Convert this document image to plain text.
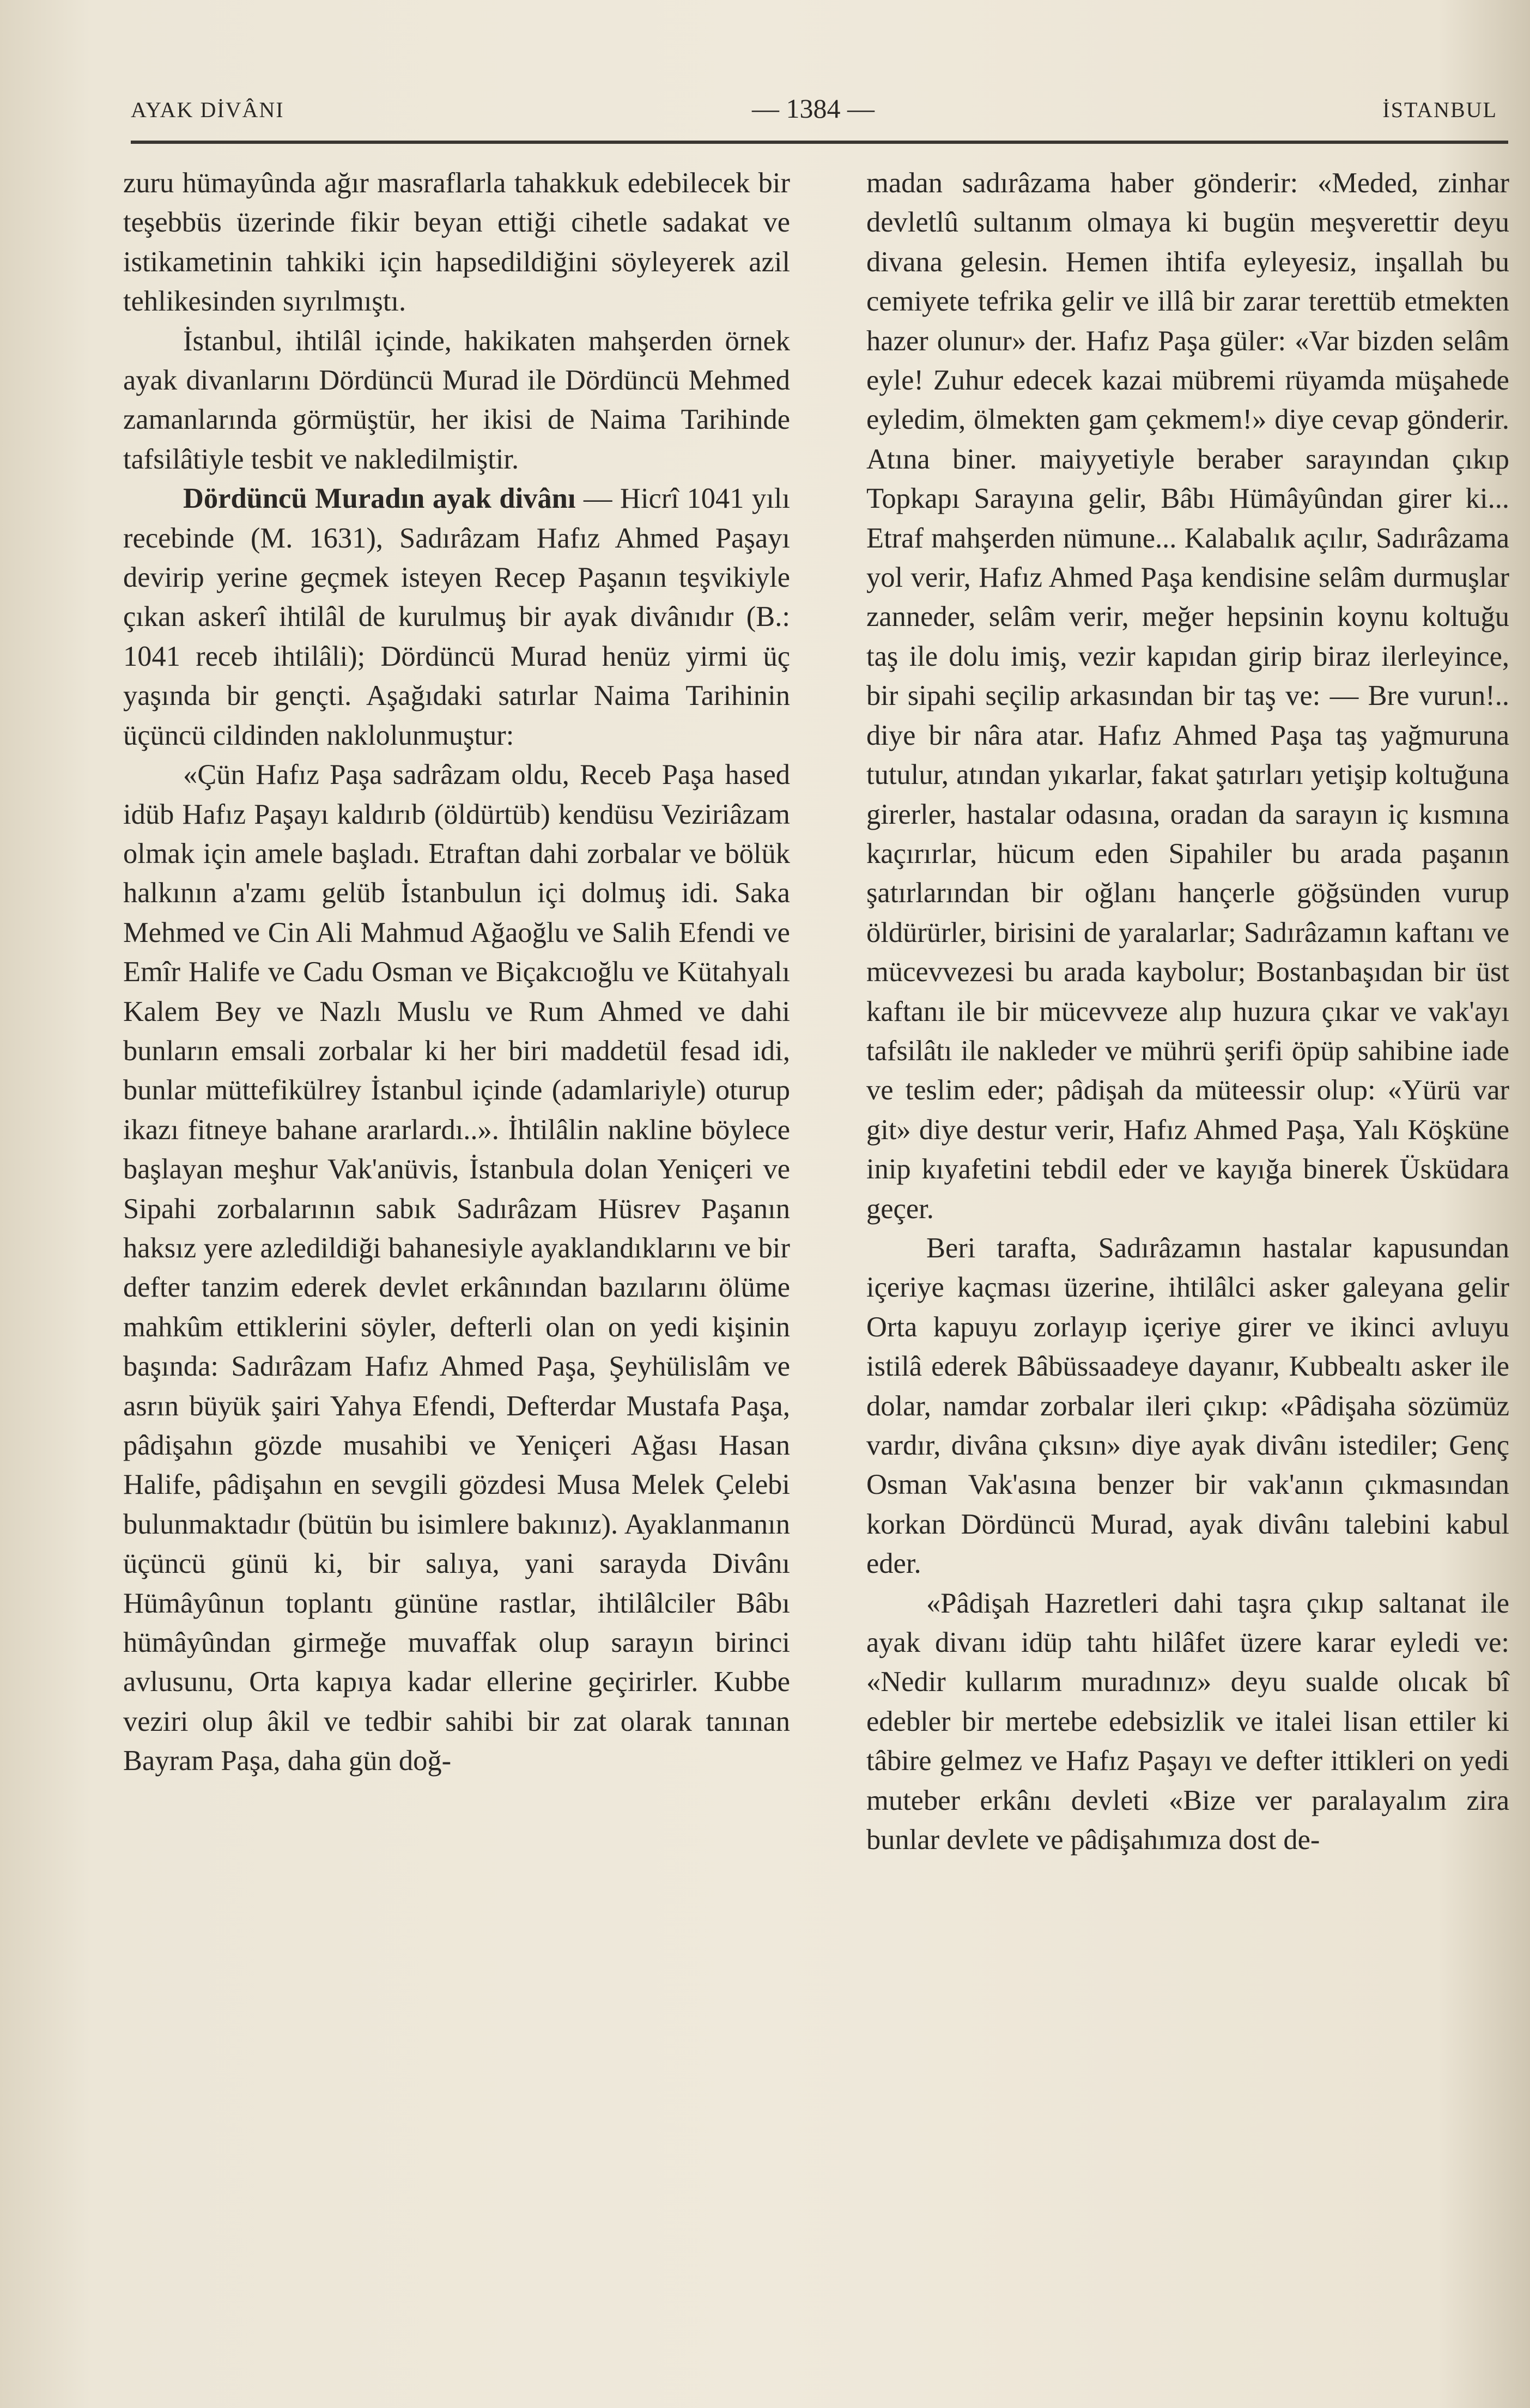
AYAK DİVÂNI	— 1384 —	İSTANBUL

zuru hümayûnda ağır masraflarla tahakkuk edebilecek bir teşebbüs üzerinde fikir beyan ettiği cihetle sadakat ve istikametinin tahkiki için hapsedildiğini söyleyerek azil tehlikesinden sıyrılmıştı.

İstanbul, ihtilâl içinde, hakikaten mahşerden örnek ayak divanlarını Dördüncü Murad ile Dördüncü Mehmed zamanlarında görmüştür, her ikisi de Naima Tarihinde tafsilâtiyle tesbit ve nakledilmiştir.

Dördüncü Muradın ayak divânı — Hicrî 1041 yılı recebinde (M. 1631), Sadırâzam Hafız Ahmed Paşayı devirip yerine geçmek isteyen Recep Paşanın teşvikiyle çıkan askerî ihtilâl de kurulmuş bir ayak divânıdır (B.: 1041 receb ihtilâli); Dördüncü Murad henüz yirmi üç yaşında bir gençti. Aşağıdaki satırlar Naima Tarihinin üçüncü cildinden naklolunmuştur:

«Çün Hafız Paşa sadrâzam oldu, Receb Paşa hased idüb Hafız Paşayı kaldırıb (öldürtüb) kendüsu Veziriâzam olmak için amele başladı. Etraftan dahi zorbalar ve bölük halkının a'zamı gelüb İstanbulun içi dolmuş idi. Saka Mehmed ve Cin Ali Mahmud Ağaoğlu ve Salih Efendi ve Emîr Halife ve Cadu Osman ve Biçakcıoğlu ve Kütahyalı Kalem Bey ve Nazlı Muslu ve Rum Ahmed ve dahi bunların emsali zorbalar ki her biri maddetül fesad idi, bunlar müttefikülrey İstanbul içinde (adamlariyle) oturup ikazı fitneye bahane ararlardı..». İhtilâlin nakline böylece başlayan meşhur Vak'anüvis, İstanbula dolan Yeniçeri ve Sipahi zorbalarının sabık Sadırâzam Hüsrev Paşanın haksız yere azledildiği bahanesiyle ayaklandıklarını ve bir defter tanzim ederek devlet erkânından bazılarını ölüme mahkûm ettiklerini söyler, defterli olan on yedi kişinin başında: Sadırâzam Hafız Ahmed Paşa, Şeyhülislâm ve asrın büyük şairi Yahya Efendi, Defterdar Mustafa Paşa, pâdişahın gözde musahibi ve Yeniçeri Ağası Hasan Halife, pâdişahın en sevgili gözdesi Musa Melek Çelebi bulunmaktadır (bütün bu isimlere bakınız). Ayaklanmanın üçüncü günü ki, bir salıya, yani sarayda Divânı Hümâyûnun toplantı gününe rastlar, ihtilâlciler Bâbı hümâyûndan girmeğe muvaffak olup sarayın birinci avlusunu, Orta kapıya kadar ellerine geçirirler. Kubbe veziri olup âkil ve tedbir sahibi bir zat olarak tanınan Bayram Paşa, daha gün doğ-

madan sadırâzama haber gönderir: «Meded, zinhar devletlû sultanım olmaya ki bugün meşverettir deyu divana gelesin. Hemen ihtifa eyleyesiz, inşallah bu cemiyete tefrika gelir ve illâ bir zarar terettüb etmekten hazer olunur» der. Hafız Paşa güler: «Var bizden selâm eyle! Zuhur edecek kazai mübremi rüyamda müşahede eyledim, ölmekten gam çekmem!» diye cevap gönderir. Atına biner. maiyyetiyle beraber sarayından çıkıp Topkapı Sarayına gelir, Bâbı Hümâyûndan girer ki... Etraf mahşerden nümune... Kalabalık açılır, Sadırâzama yol verir, Hafız Ahmed Paşa kendisine selâm durmuşlar zanneder, selâm verir, meğer hepsinin koynu koltuğu taş ile dolu imiş, vezir kapıdan girip biraz ilerleyince, bir sipahi seçilip arkasından bir taş ve: — Bre vurun!.. diye bir nâra atar. Hafız Ahmed Paşa taş yağmuruna tutulur, atından yıkarlar, fakat şatırları yetişip koltuğuna girerler, hastalar odasına, oradan da sarayın iç kısmına kaçırırlar, hücum eden Sipahiler bu arada paşanın şatırlarından bir oğlanı hançerle göğsünden vurup öldürürler, birisini de yaralarlar; Sadırâzamın kaftanı ve mücevvezesi bu arada kaybolur; Bostanbaşıdan bir üst kaftanı ile bir mücevveze alıp huzura çıkar ve vak'ayı tafsilâtı ile nakleder ve mührü şerifi öpüp sahibine iade ve teslim eder; pâdişah da müteessir olup: «Yürü var git» diye destur verir, Hafız Ahmed Paşa, Yalı Köşküne inip kıyafetini tebdil eder ve kayığa binerek Üsküdara geçer.

Beri tarafta, Sadırâzamın hastalar kapusundan içeriye kaçması üzerine, ihtilâlci asker galeyana gelir Orta kapuyu zorlayıp içeriye girer ve ikinci avluyu istilâ ederek Bâbüssaadeye dayanır, Kubbealtı asker ile dolar, namdar zorbalar ileri çıkıp: «Pâdişaha sözümüz vardır, divâna çıksın» diye ayak divânı istediler; Genç Osman Vak'asına benzer bir vak'anın çıkmasından korkan Dördüncü Murad, ayak divânı talebini kabul eder.

«Pâdişah Hazretleri dahi taşra çıkıp saltanat ile ayak divanı idüp tahtı hilâfet üzere karar eyledi ve: «Nedir kullarım muradınız» deyu sualde olıcak bî edebler bir mertebe edebsizlik ve italei lisan ettiler ki tâbire gelmez ve Hafız Paşayı ve defter ittikleri on yedi muteber erkânı devleti «Bize ver paralayalım zira bunlar devlete ve pâdişahımıza dost de-
